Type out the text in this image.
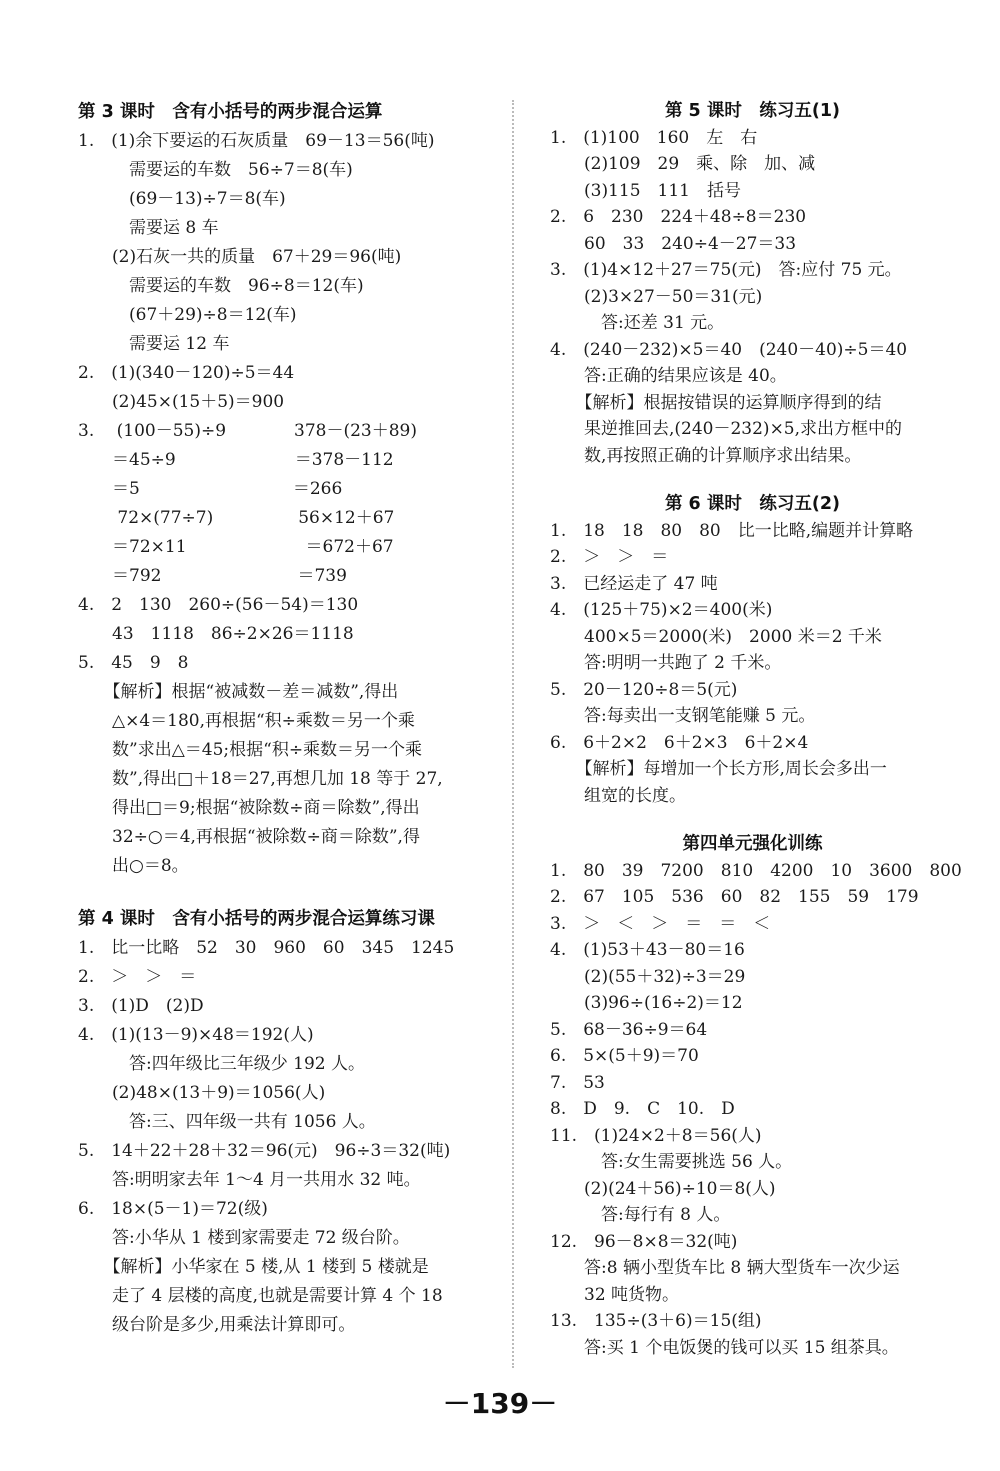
第 3 课时　含有小括号的两步混合运算
1.　(1)余下要运的石灰质量　69－13＝56(吨)
　　　需要运的车数　56÷7＝8(车)
　　　(69－13)÷7＝8(车)
　　　需要运 8 车
　　(2)石灰一共的质量　67＋29＝96(吨)
　　　需要运的车数　96÷8＝12(车)
　　　(67＋29)÷8＝12(车)
　　　需要运 12 车
2.　(1)(340－120)÷5＝44
　　(2)45×(15＋5)＝900
3.　 (100－55)÷9　　　　378－(23＋89)
　　＝45÷9　　　　　　　＝378－112
　　＝5　　　　　　　　　＝266
　　 72×(77÷7)　　　　　56×12＋67
　　＝72×11　　　　　　　＝672＋67
　　＝792　　　　　　　　＝739
4.　2　130　260÷(56－54)＝130
　　43　1118　86÷2×26＝1118
5.　45　9　8
　　【解析】根据“被减数－差＝减数”,得出
　　△×4＝180,再根据“积÷乘数＝另一个乘
　　数”求出△＝45;根据“积÷乘数＝另一个乘
　　数”,得出□＋18＝27,再想几加 18 等于 27,
　　得出□＝9;根据“被除数÷商＝除数”,得出
　　32÷○＝4,再根据“被除数÷商＝除数”,得
　　出○＝8。
第 4 课时　含有小括号的两步混合运算练习课
1.　比一比略　52　30　960　60　345　1245
2.　＞　＞　＝
3.　(1)D　(2)D
4.　(1)(13－9)×48＝192(人)
　　　答:四年级比三年级少 192 人。
　　(2)48×(13＋9)＝1056(人)
　　　答:三、四年级一共有 1056 人。
5.　14＋22＋28＋32＝96(元)　96÷3＝32(吨)
　　答:明明家去年 1～4 月一共用水 32 吨。
6.　18×(5－1)＝72(级)
　　答:小华从 1 楼到家需要走 72 级台阶。
　　【解析】小华家在 5 楼,从 1 楼到 5 楼就是
　　走了 4 层楼的高度,也就是需要计算 4 个 18
　　级台阶是多少,用乘法计算即可。
第 5 课时　练习五(1)
1.　(1)100　160　左　右
　　(2)109　29　乘、除　加、减
　　(3)115　111　括号
2.　6　230　224＋48÷8＝230
　　60　33　240÷4－27＝33
3.　(1)4×12＋27＝75(元)　答:应付 75 元。
　　(2)3×27－50＝31(元)
　　　答:还差 31 元。
4.　(240－232)×5＝40　(240－40)÷5＝40
　　答:正确的结果应该是 40。
　　【解析】根据按错误的运算顺序得到的结
　　果逆推回去,(240－232)×5,求出方框中的
　　数,再按照正确的计算顺序求出结果。
第 6 课时　练习五(2)
1.　18　18　80　80　比一比略,编题并计算略
2.　＞　＞　＝
3.　已经运走了 47 吨
4.　(125＋75)×2＝400(米)
　　400×5＝2000(米)　2000 米＝2 千米
　　答:明明一共跑了 2 千米。
5.　20－120÷8＝5(元)
　　答:每卖出一支钢笔能赚 5 元。
6.　6＋2×2　6＋2×3　6＋2×4
　　【解析】每增加一个长方形,周长会多出一
　　组宽的长度。
第四单元强化训练
1.　80　39　7200　810　4200　10　3600　800
2.　67　105　536　60　82　155　59　179
3.　＞　＜　＞　＝　＝　＜
4.　(1)53＋43－80＝16
　　(2)(55＋32)÷3＝29
　　(3)96÷(16÷2)＝12
5.　68－36÷9＝64
6.　5×(5＋9)＝70
7.　53
8.　D　9.　C　10.　D
11.　(1)24×2＋8＝56(人)
　　　答:女生需要挑选 56 人。
　　(2)(24＋56)÷10＝8(人)
　　　答:每行有 8 人。
12.　96－8×8＝32(吨)
　　答:8 辆小型货车比 8 辆大型货车一次少运
　　32 吨货物。
13.　135÷(3＋6)＝15(组)
　　答:买 1 个电饭煲的钱可以买 15 组茶具。
－139－
